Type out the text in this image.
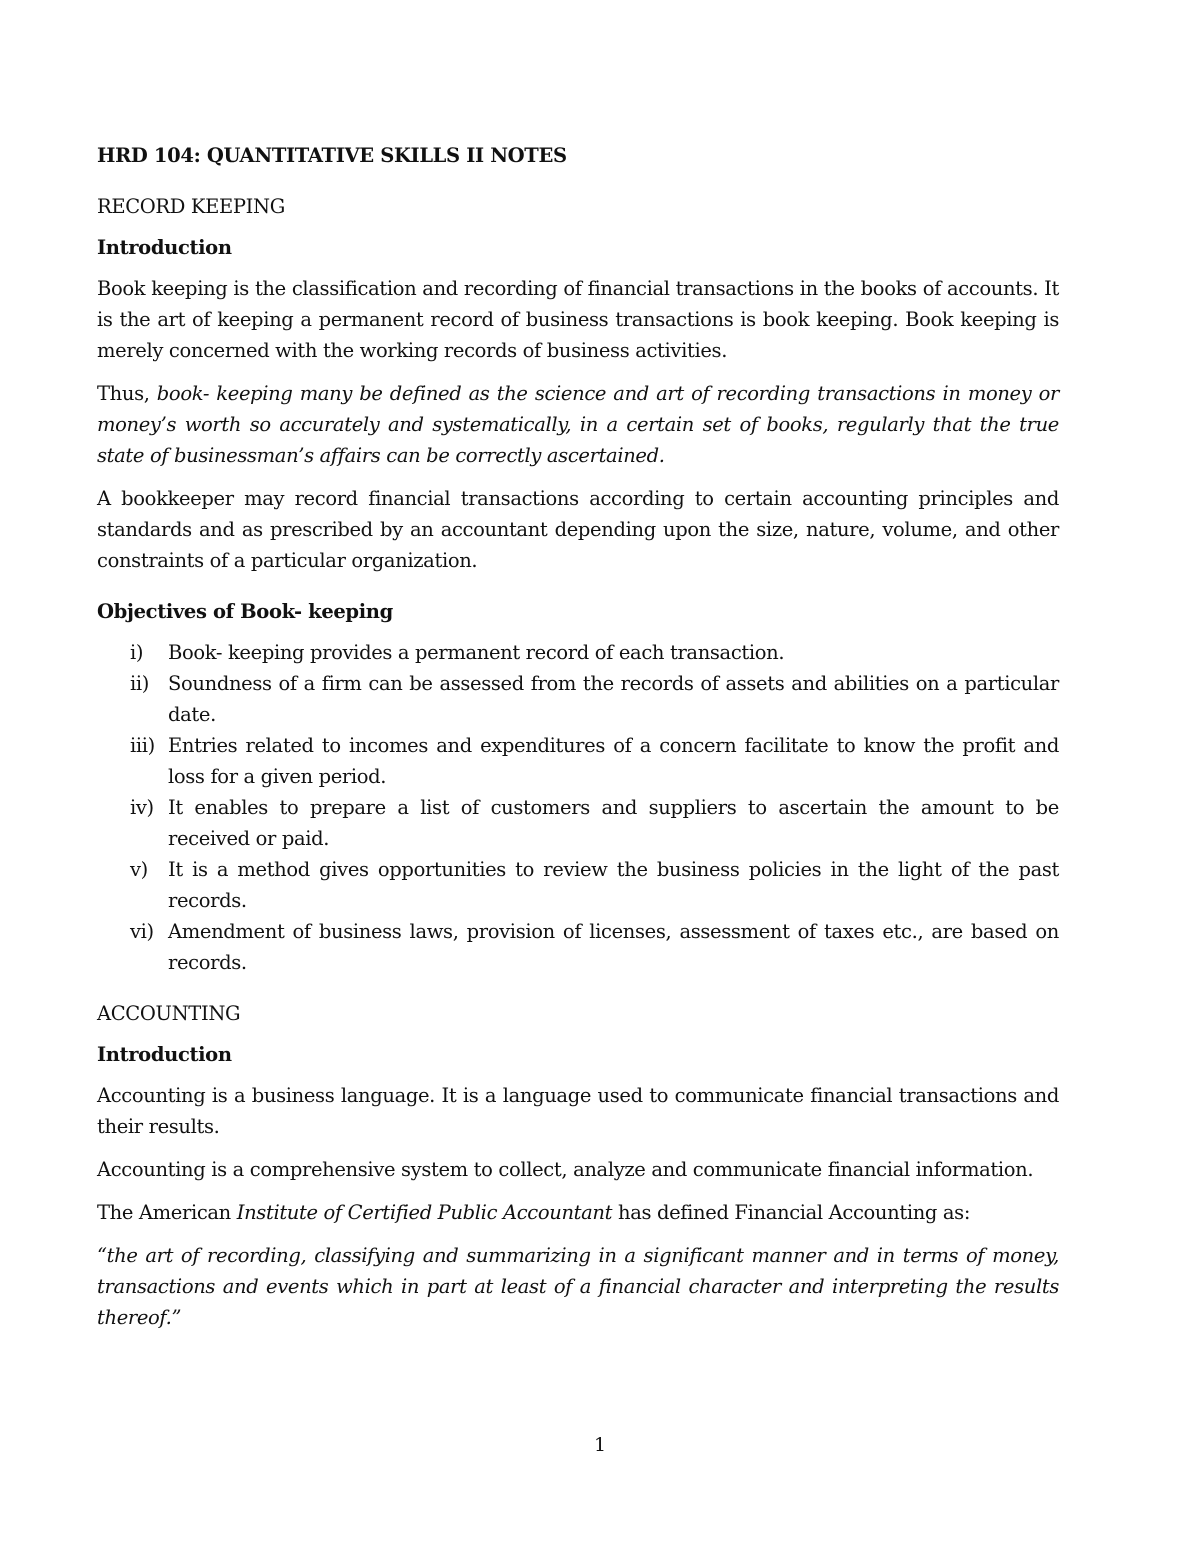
HRD 104: QUANTITATIVE SKILLS II NOTES
RECORD KEEPING
Introduction

Book keeping is the classification and recording of financial transactions in the books of accounts. It is the art of keeping a permanent record of business transactions is book keeping. Book keeping is merely concerned with the working records of business activities.

Thus, book- keeping many be defined as the science and art of recording transactions in money or money’s worth so accurately and systematically, in a certain set of books, regularly that the true state of businessman’s affairs can be correctly ascertained.

A bookkeeper may record financial transactions according to certain accounting principles and standards and as prescribed by an accountant depending upon the size, nature, volume, and other constraints of a particular organization.

Objectives of Book- keeping
i) Book- keeping provides a permanent record of each transaction.
ii) Soundness of a firm can be assessed from the records of assets and abilities on a particular date.
iii) Entries related to incomes and expenditures of a concern facilitate to know the profit and loss for a given period.
iv) It enables to prepare a list of customers and suppliers to ascertain the amount to be received or paid.
v) It is a method gives opportunities to review the business policies in the light of the past records.
vi) Amendment of business laws, provision of licenses, assessment of taxes etc., are based on records.
ACCOUNTING
Introduction

Accounting is a business language. It is a language used to communicate financial transactions and their results.

Accounting is a comprehensive system to collect, analyze and communicate financial information.

The American Institute of Certified Public Accountant has defined Financial Accounting as:

“the art of recording, classifying and summarizing in a significant manner and in terms of money, transactions and events which in part at least of a financial character and interpreting the results thereof.”

1
